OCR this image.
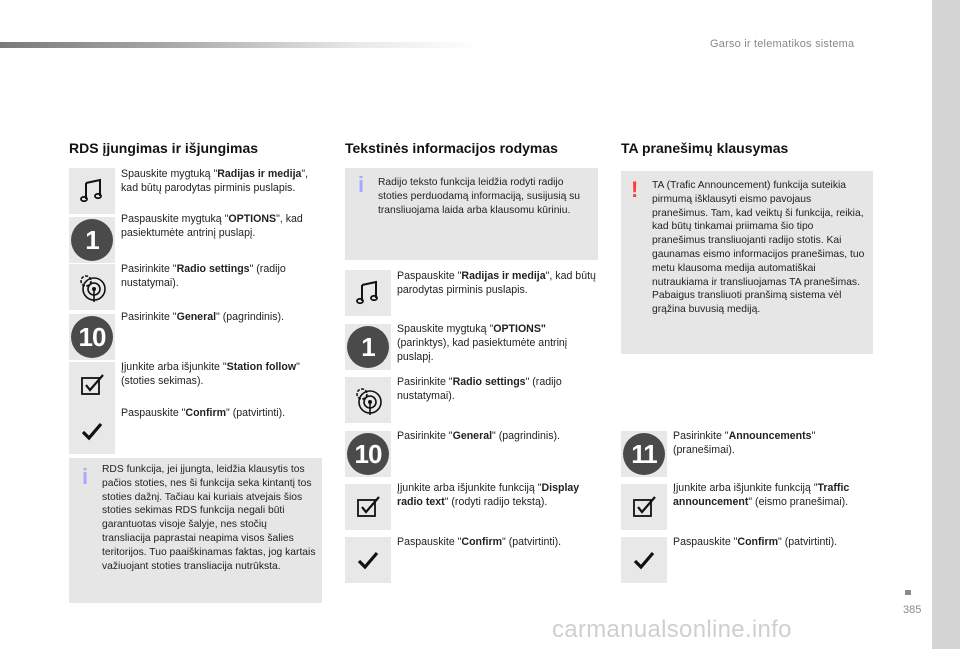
Garso ir telematikos sistema
385
RDS įjungimas ir išjungimas
Spauskite mygtuką "Radijas ir medija", kad būtų parodytas pirminis puslapis.
1
Paspauskite mygtuką "OPTIONS", kad pasiektumėte antrinį puslapį.
Pasirinkite "Radio settings" (radijo nustatymai).
10
Pasirinkite "General" (pagrindinis).
Įjunkite arba išjunkite "Station follow" (stoties sekimas).
Paspauskite "Confirm" (patvirtinti).
i RDS funkcija, jei įjungta, leidžia klausytis tos pačios stoties, nes ši funkcija seka kintantį tos stoties dažnį. Tačiau kai kuriais atvejais šios stoties sekimas RDS funkcija negali būti garantuotas visoje šalyje, nes stočių transliacija paprastai neapima visos šalies teritorijos. Tuo paaiškinamas faktas, jog kartais važiuojant stoties transliacija nutrūksta.
Tekstinės informacijos rodymas
i Radijo teksto funkcija leidžia rodyti radijo stoties perduodamą informaciją, susijusią su transliuojama laida arba klausomu kūriniu.
Paspauskite "Radijas ir medija", kad būtų parodytas pirminis puslapis.
1
Spauskite mygtuką "OPTIONS" (parinktys), kad pasiektumėte antrinį puslapį.
Pasirinkite "Radio settings" (radijo nustatymai).
10
Pasirinkite "General" (pagrindinis).
Įjunkite arba išjunkite funkciją "Display radio text" (rodyti radijo tekstą).
Paspauskite "Confirm" (patvirtinti).
TA pranešimų klausymas
! TA (Trafic Announcement) funkcija suteikia pirmumą išklausyti eismo pavojaus pranešimus. Tam, kad veiktų ši funkcija, reikia, kad būtų tinkamai priimama šio tipo pranešimus transliuojanti radijo stotis. Kai gaunamas eismo informacijos pranešimas, tuo metu klausoma medija automatiškai nutraukiama ir transliuojamas TA pranešimas. Pabaigus transliuoti pranšimą sistema vėl grąžina buvusią mediją.
11
Pasirinkite "Announcements" (pranešimai).
Įjunkite arba išjunkite funkciją "Traffic announcement" (eismo pranešimai).
Paspauskite "Confirm" (patvirtinti).
carmanualsonline.info
